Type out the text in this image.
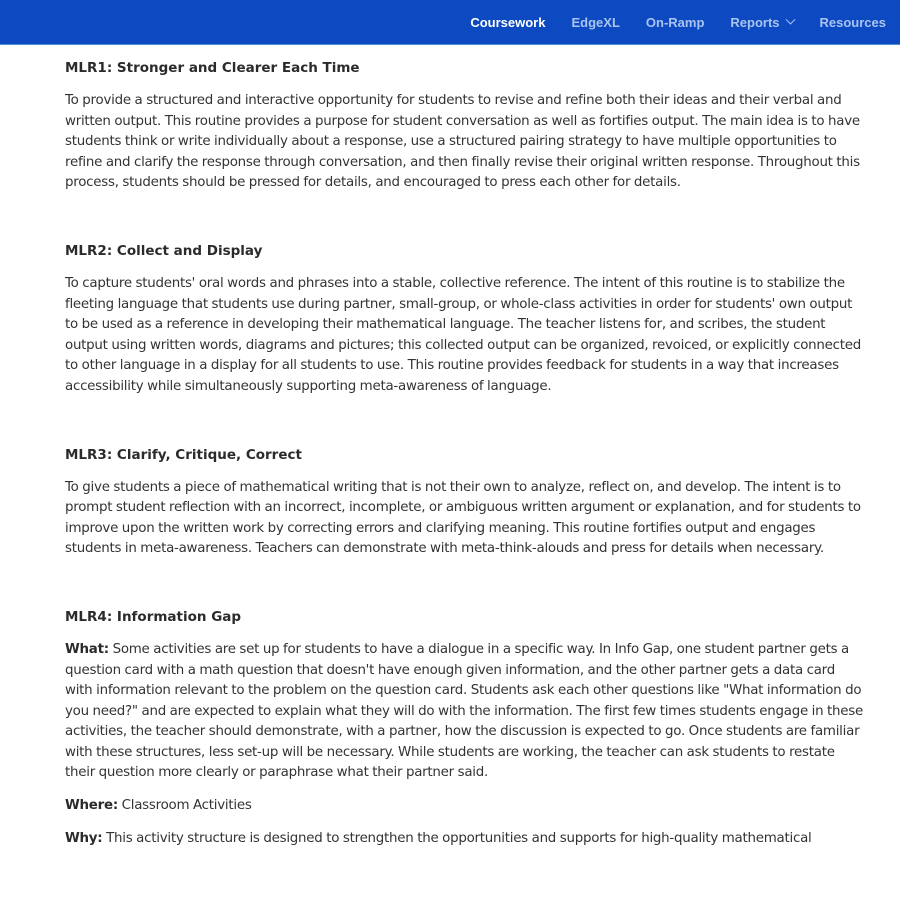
Coursework EdgeXL On-Ramp Reports	Resources
MLR1: Stronger and Clearer Each Time

To provide a structured and interactive opportunity for students to revise and refine both their ideas and their verbal and written output. This routine provides a purpose for student conversation as well as fortifies output. The main idea is to have students think or write individually about a response, use a structured pairing strategy to have multiple opportunities to refine and clarify the response through conversation, and then finally revise their original written response. Throughout this process, students should be pressed for details, and encouraged to press each other for details.

MLR2: Collect and Display

To capture students' oral words and phrases into a stable, collective reference. The intent of this routine is to stabilize the fleeting language that students use during partner, small-group, or whole-class activities in order for students' own output to be used as a reference in developing their mathematical language. The teacher listens for, and scribes, the student output using written words, diagrams and pictures; this collected output can be organized, revoiced, or explicitly connected to other language in a display for all students to use. This routine provides feedback for students in a way that increases accessibility while simultaneously supporting meta-awareness of language.

MLR3: Clarify, Critique, Correct

To give students a piece of mathematical writing that is not their own to analyze, reflect on, and develop. The intent is to prompt student reflection with an incorrect, incomplete, or ambiguous written argument or explanation, and for students to improve upon the written work by correcting errors and clarifying meaning. This routine fortifies output and engages students in meta-awareness. Teachers can demonstrate with meta-think-alouds and press for details when necessary.

MLR4: Information Gap

What: Some activities are set up for students to have a dialogue in a specific way. In Info Gap, one student partner gets a question card with a math question that doesn't have enough given information, and the other partner gets a data card with information relevant to the problem on the question card. Students ask each other questions like "What information do you need?" and are expected to explain what they will do with the information. The first few times students engage in these activities, the teacher should demonstrate, with a partner, how the discussion is expected to go. Once students are familiar with these structures, less set-up will be necessary. While students are working, the teacher can ask students to restate their question more clearly or paraphrase what their partner said.

Where: Classroom Activities

Why: This activity structure is designed to strengthen the opportunities and supports for high-quality mathematical
